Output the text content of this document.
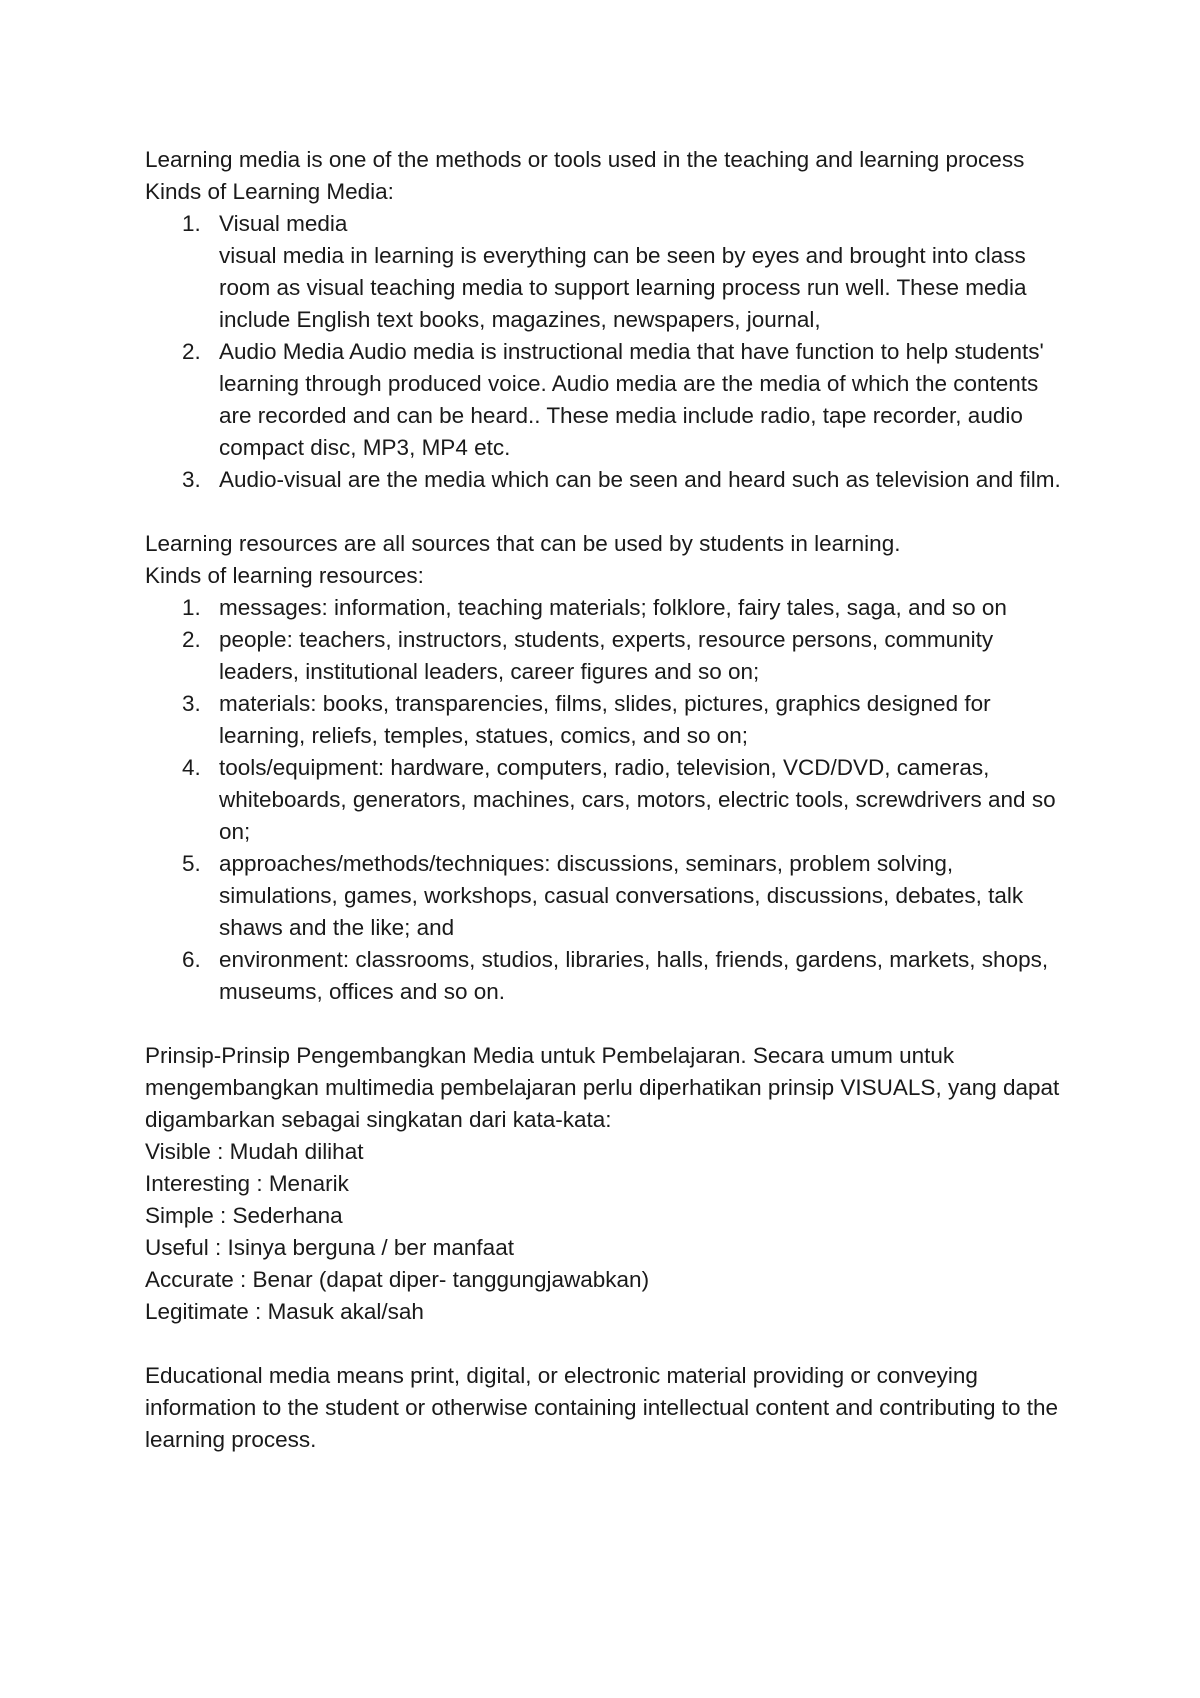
Learning media is one of the methods or tools used in the teaching and learning process

Kinds of Learning Media:

1. Visual media
visual media in learning is everything can be seen by eyes and brought into class room as visual teaching media to support learning process run well. These media include English text books, magazines, newspapers, journal,
2. Audio Media Audio media is instructional media that have function to help students' learning through produced voice. Audio media are the media of which the contents are recorded and can be heard.. These media include radio, tape recorder, audio compact disc, MP3, MP4 etc.
3. Audio-visual are the media which can be seen and heard such as television and film.

Learning resources are all sources that can be used by students in learning.

Kinds of learning resources:

1. messages: information, teaching materials; folklore, fairy tales, saga, and so on
2. people: teachers, instructors, students, experts, resource persons, community leaders, institutional leaders, career figures and so on;
3. materials: books, transparencies, films, slides, pictures, graphics designed for learning, reliefs, temples, statues, comics, and so on;
4. tools/equipment: hardware, computers, radio, television, VCD/DVD, cameras, whiteboards, generators, machines, cars, motors, electric tools, screwdrivers and so on;
5. approaches/methods/techniques: discussions, seminars, problem solving, simulations, games, workshops, casual conversations, discussions, debates, talk shaws and the like; and
6. environment: classrooms, studios, libraries, halls, friends, gardens, markets, shops, museums, offices and so on.

Prinsip-Prinsip Pengembangkan Media untuk Pembelajaran. Secara umum untuk mengembangkan multimedia pembelajaran perlu diperhatikan prinsip VISUALS, yang dapat digambarkan sebagai singkatan dari kata-kata:

Visible : Mudah dilihat

Interesting : Menarik

Simple : Sederhana

Useful : Isinya berguna / ber manfaat

Accurate : Benar (dapat diper- tanggungjawabkan)

Legitimate : Masuk akal/sah

Educational media means print, digital, or electronic material providing or conveying information to the student or otherwise containing intellectual content and contributing to the learning process.
